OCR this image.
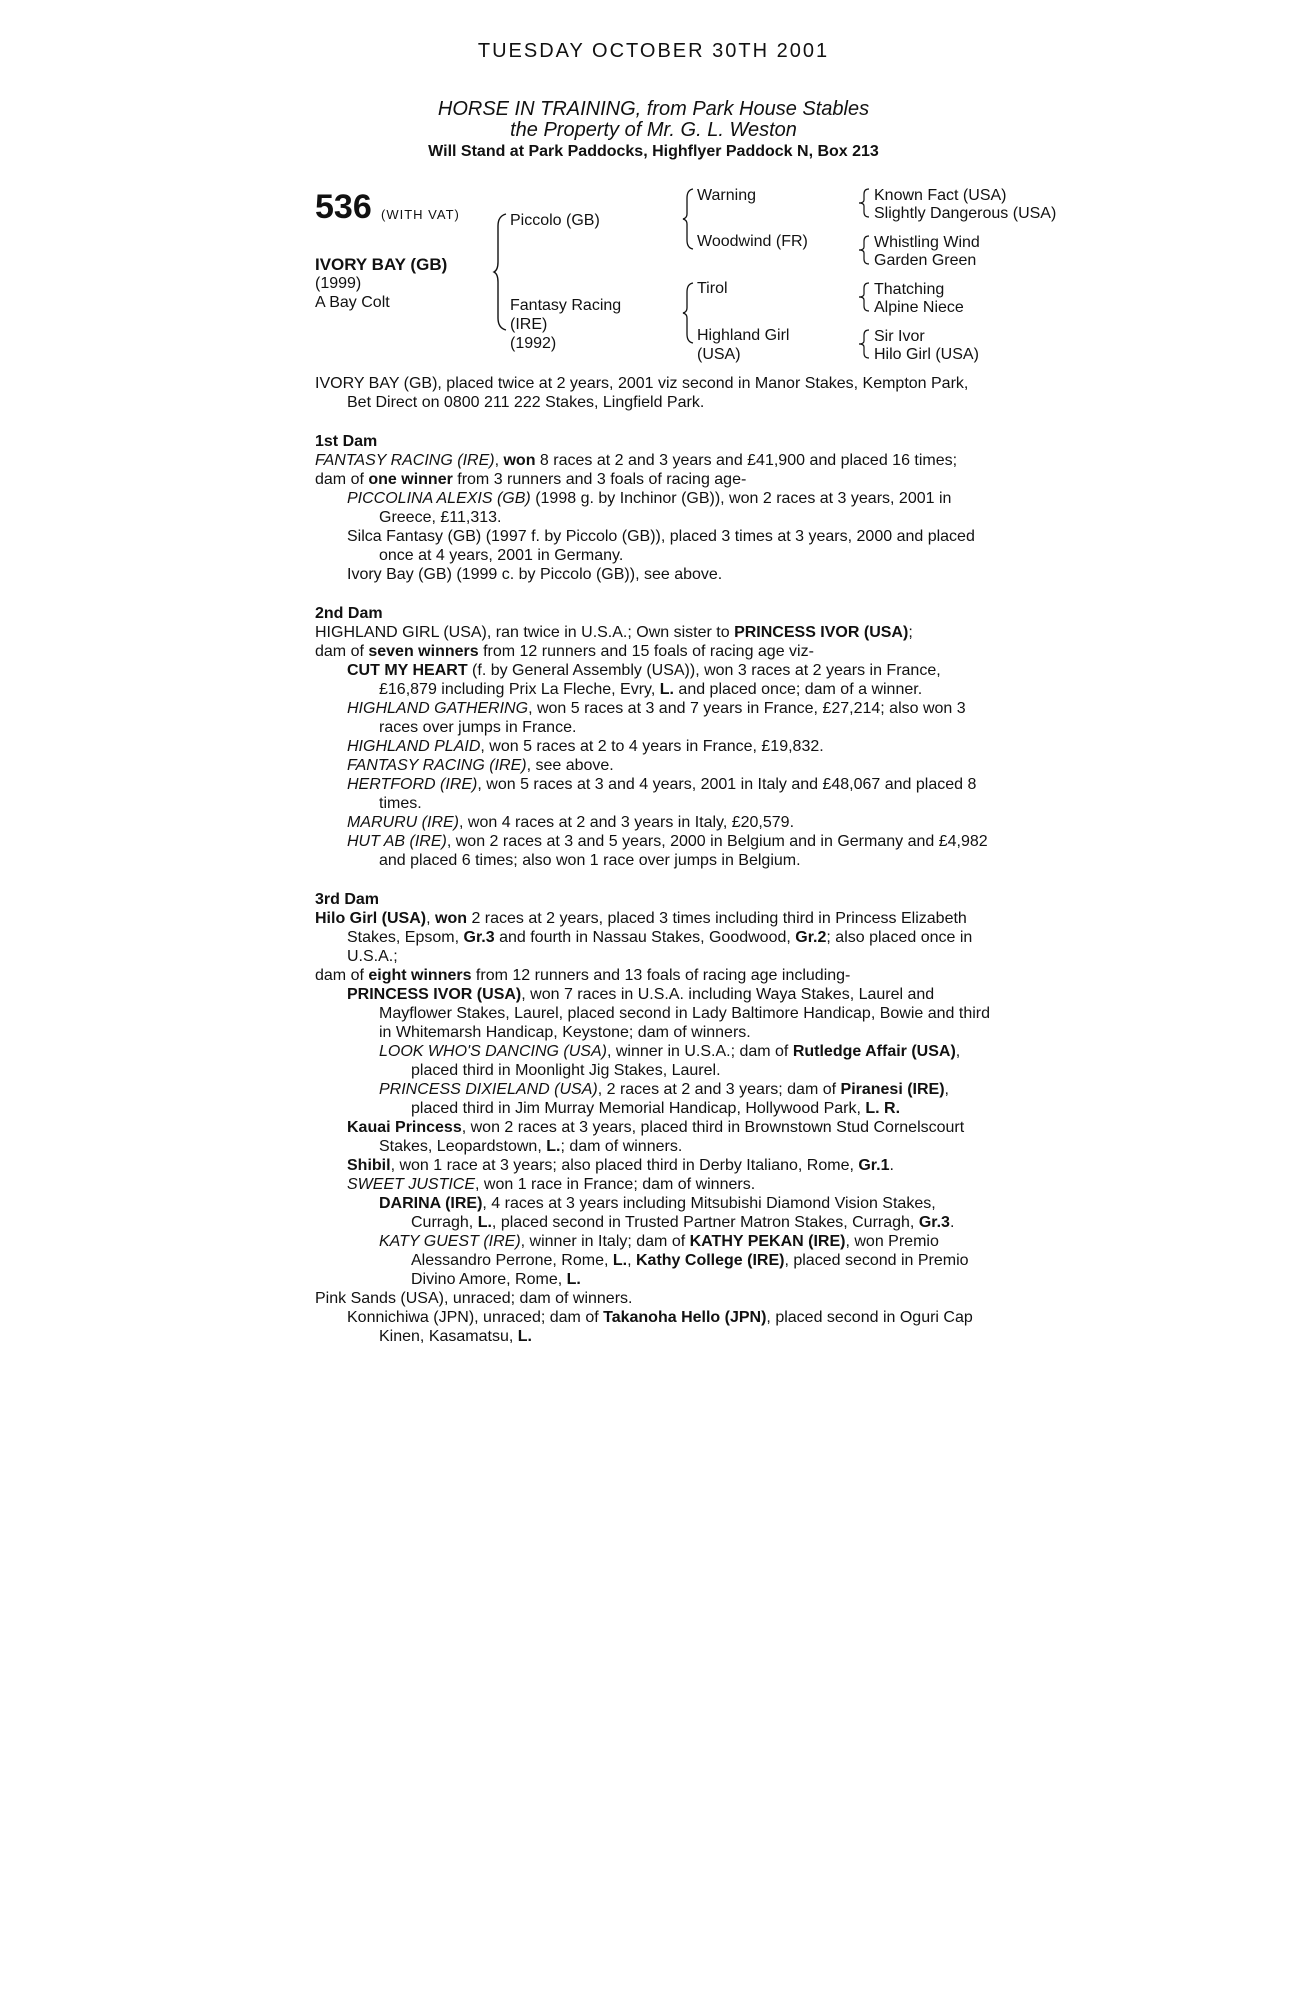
TUESDAY OCTOBER 30TH 2001
HORSE IN TRAINING, from Park House Stables
the Property of Mr. G. L. Weston
Will Stand at Park Paddocks, Highflyer Paddock N, Box 213
536 (WITH VAT)
IVORY BAY (GB)
(1999)
A Bay Colt
Piccolo (GB)
Fantasy Racing
(IRE)
(1992)
Warning
Woodwind (FR)
Tirol
Highland Girl
(USA)
Known Fact (USA)
Slightly Dangerous (USA)
Whistling Wind
Garden Green
Thatching
Alpine Niece
Sir Ivor
Hilo Girl (USA)

IVORY BAY (GB), placed twice at 2 years, 2001 viz second in Manor Stakes, Kempton Park, Bet Direct on 0800 211 222 Stakes, Lingfield Park.

1st Dam

FANTASY RACING (IRE), won 8 races at 2 and 3 years and £41,900 and placed 16 times;

dam of one winner from 3 runners and 3 foals of racing age-

PICCOLINA ALEXIS (GB) (1998 g. by Inchinor (GB)), won 2 races at 3 years, 2001 in Greece, £11,313.

Silca Fantasy (GB) (1997 f. by Piccolo (GB)), placed 3 times at 3 years, 2000 and placed once at 4 years, 2001 in Germany.

Ivory Bay (GB) (1999 c. by Piccolo (GB)), see above.

2nd Dam

HIGHLAND GIRL (USA), ran twice in U.S.A.; Own sister to PRINCESS IVOR (USA);

dam of seven winners from 12 runners and 15 foals of racing age viz-

CUT MY HEART (f. by General Assembly (USA)), won 3 races at 2 years in France, £16,879 including Prix La Fleche, Evry, L. and placed once; dam of a winner.

HIGHLAND GATHERING, won 5 races at 3 and 7 years in France, £27,214; also won 3 races over jumps in France.

HIGHLAND PLAID, won 5 races at 2 to 4 years in France, £19,832.

FANTASY RACING (IRE), see above.

HERTFORD (IRE), won 5 races at 3 and 4 years, 2001 in Italy and £48,067 and placed 8 times.

MARURU (IRE), won 4 races at 2 and 3 years in Italy, £20,579.

HUT AB (IRE), won 2 races at 3 and 5 years, 2000 in Belgium and in Germany and £4,982 and placed 6 times; also won 1 race over jumps in Belgium.

3rd Dam

Hilo Girl (USA), won 2 races at 2 years, placed 3 times including third in Princess Elizabeth Stakes, Epsom, Gr.3 and fourth in Nassau Stakes, Goodwood, Gr.2; also placed once in U.S.A.;

dam of eight winners from 12 runners and 13 foals of racing age including-

PRINCESS IVOR (USA), won 7 races in U.S.A. including Waya Stakes, Laurel and Mayflower Stakes, Laurel, placed second in Lady Baltimore Handicap, Bowie and third in Whitemarsh Handicap, Keystone; dam of winners.

LOOK WHO'S DANCING (USA), winner in U.S.A.; dam of Rutledge Affair (USA), placed third in Moonlight Jig Stakes, Laurel.

PRINCESS DIXIELAND (USA), 2 races at 2 and 3 years; dam of Piranesi (IRE), placed third in Jim Murray Memorial Handicap, Hollywood Park, L. R.

Kauai Princess, won 2 races at 3 years, placed third in Brownstown Stud Cornelscourt Stakes, Leopardstown, L.; dam of winners.

Shibil, won 1 race at 3 years; also placed third in Derby Italiano, Rome, Gr.1.

SWEET JUSTICE, won 1 race in France; dam of winners.

DARINA (IRE), 4 races at 3 years including Mitsubishi Diamond Vision Stakes, Curragh, L., placed second in Trusted Partner Matron Stakes, Curragh, Gr.3.

KATY GUEST (IRE), winner in Italy; dam of KATHY PEKAN (IRE), won Premio Alessandro Perrone, Rome, L., Kathy College (IRE), placed second in Premio Divino Amore, Rome, L.

Pink Sands (USA), unraced; dam of winners.

Konnichiwa (JPN), unraced; dam of Takanoha Hello (JPN), placed second in Oguri Cap Kinen, Kasamatsu, L.
